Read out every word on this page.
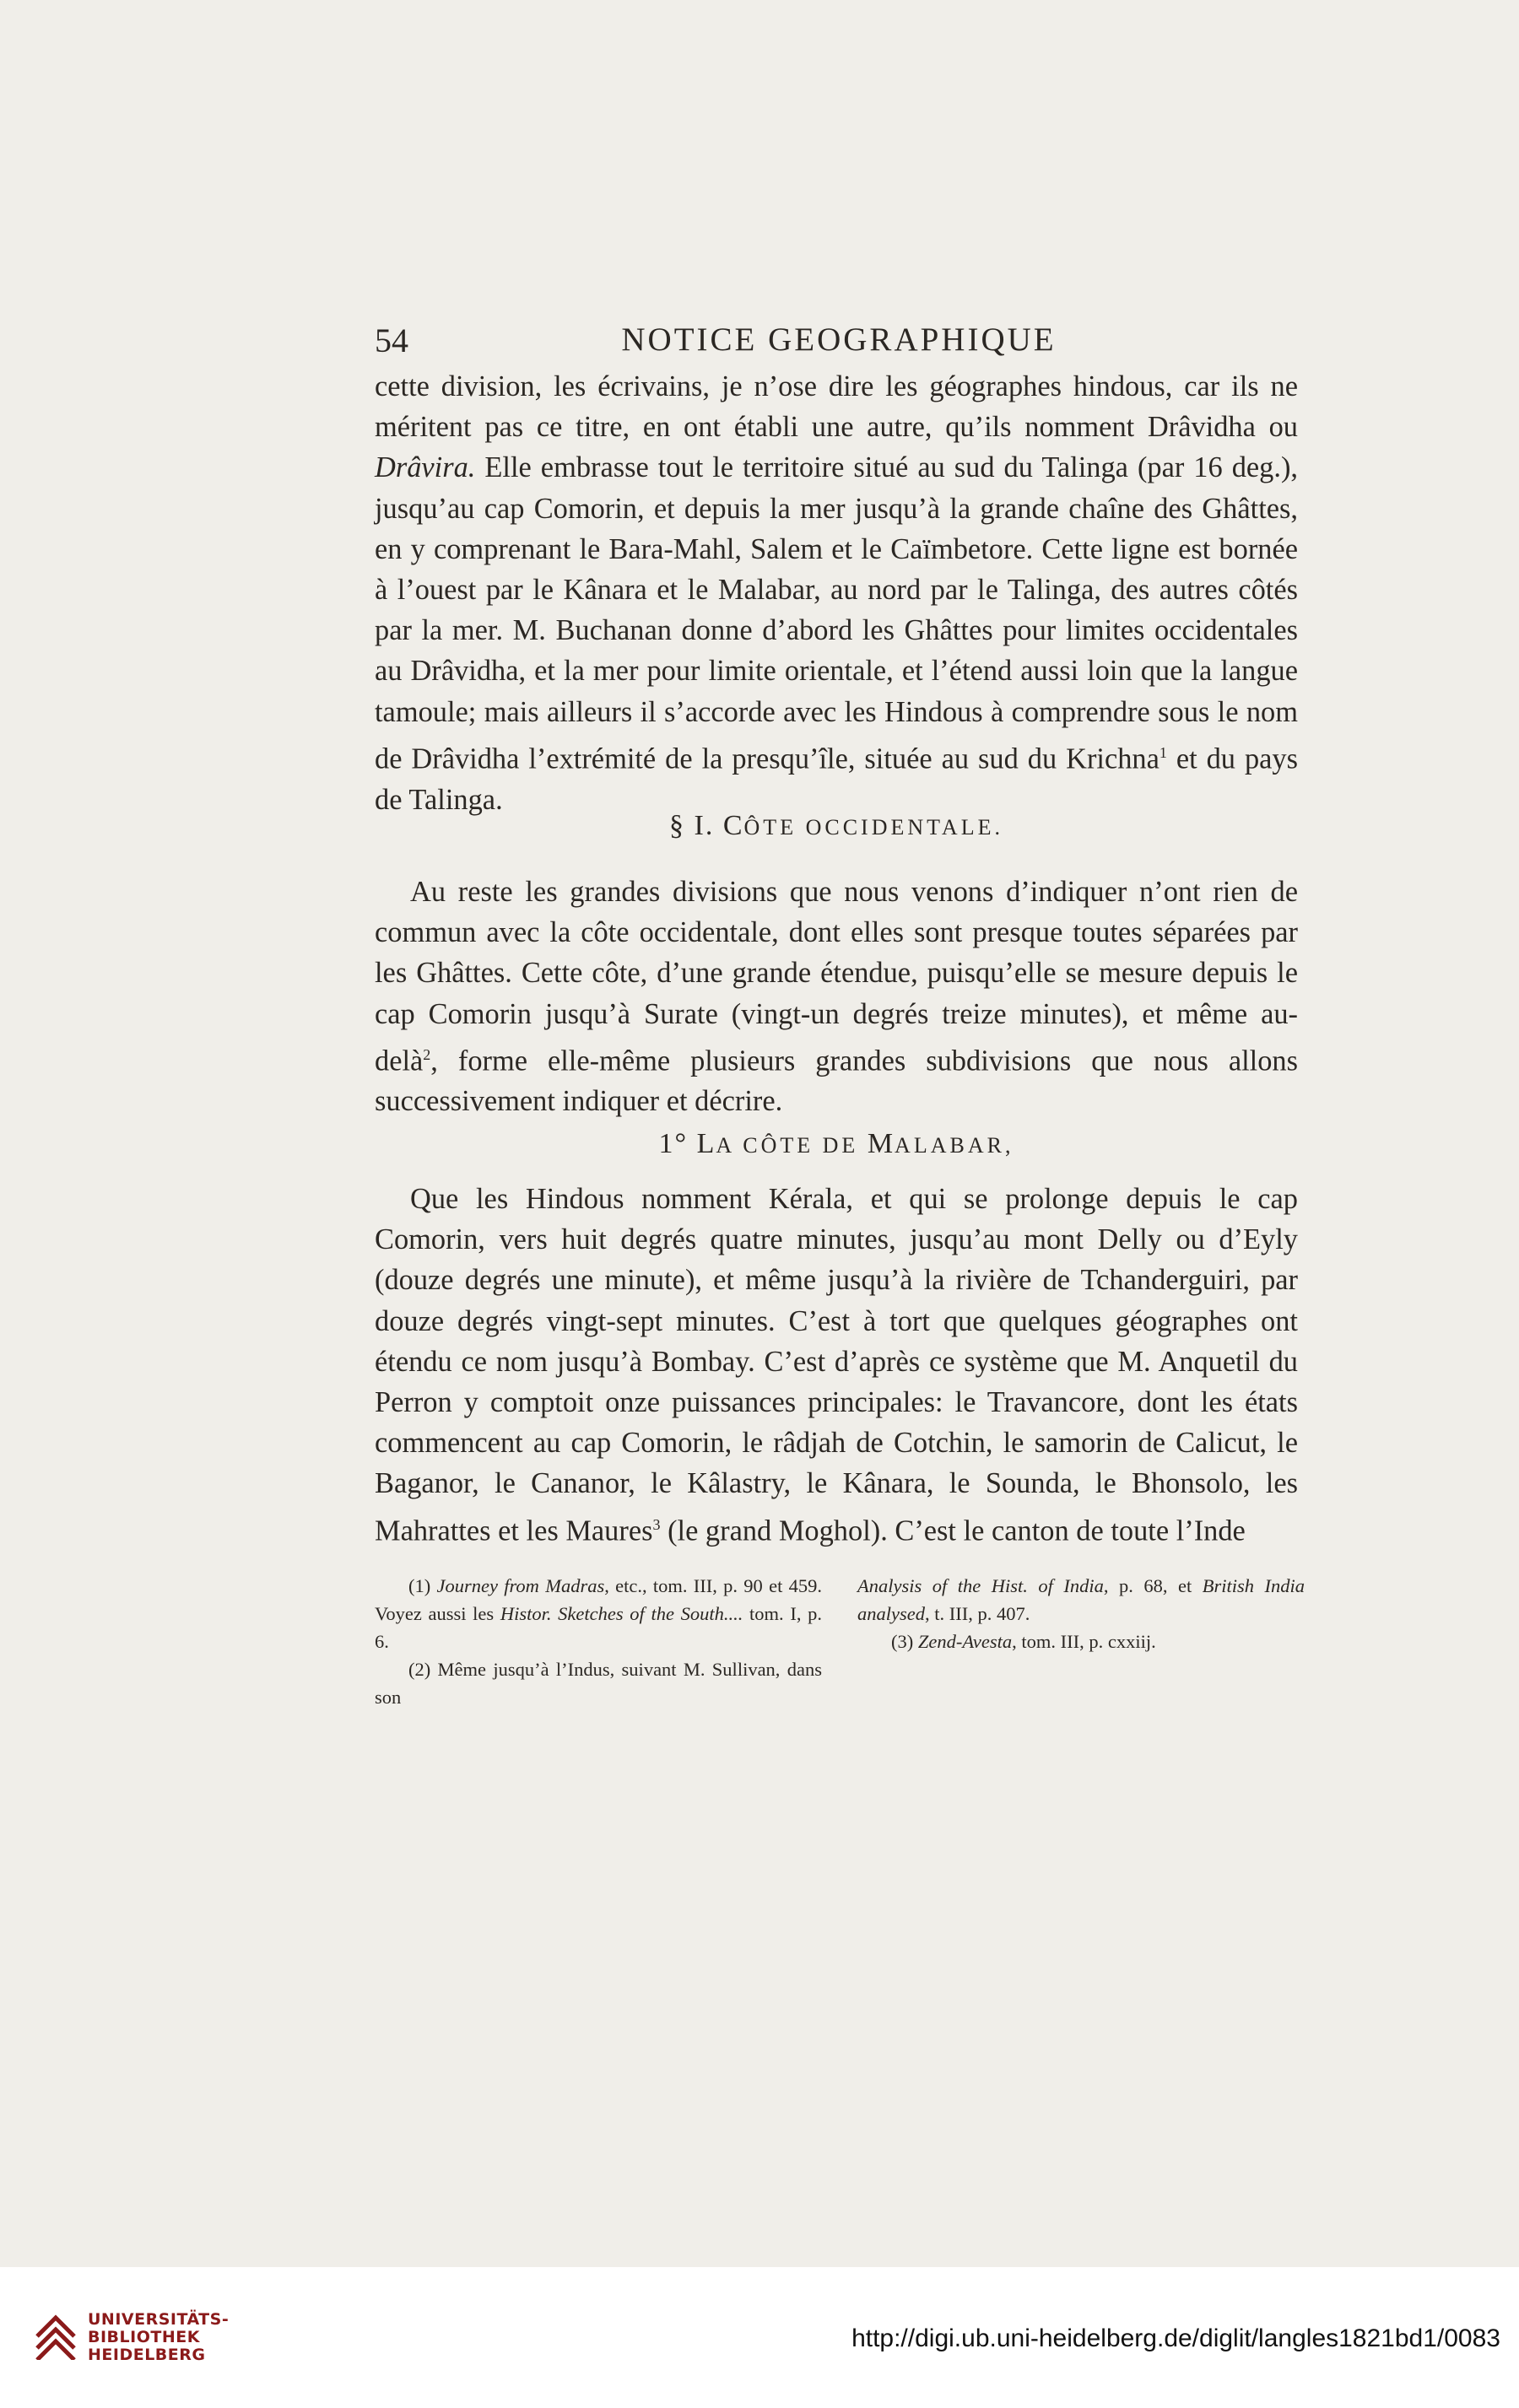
54	NOTICE GEOGRAPHIQUE

cette division, les écrivains, je n’ose dire les géographes hindous, car ils ne méritent pas ce titre, en ont établi une autre, qu’ils nomment Drâvidha ou Drâvira. Elle embrasse tout le territoire situé au sud du Talinga (par 16 deg.), jusqu’au cap Comorin, et depuis la mer jusqu’à la grande chaîne des Ghâttes, en y comprenant le Bara-Mahl, Salem et le Caïmbetore. Cette ligne est bornée à l’ouest par le Kânara et le Malabar, au nord par le Talinga, des autres côtés par la mer. M. Buchanan donne d’abord les Ghâttes pour limites occidentales au Drâvidha, et la mer pour limite orientale, et l’étend aussi loin que la langue tamoule; mais ailleurs il s’accorde avec les Hindous à comprendre sous le nom de Drâvidha l’extrémité de la presqu’île, située au sud du Krichna$^1$ et du pays de Talinga.

§ I. CÔTE OCCIDENTALE.

Au reste les grandes divisions que nous venons d’indiquer n’ont rien de commun avec la côte occidentale, dont elles sont presque toutes séparées par les Ghâttes. Cette côte, d’une grande étendue, puisqu’elle se mesure depuis le cap Comorin jusqu’à Surate (vingt-un degrés treize minutes), et même au-delà$^2$, forme elle-même plusieurs grandes subdivisions que nous allons successivement indiquer et décrire.

1° LA CÔTE DE MALABAR,

Que les Hindous nomment Kérala, et qui se prolonge depuis le cap Comorin, vers huit degrés quatre minutes, jusqu’au mont Delly ou d’Eyly (douze degrés une minute), et même jusqu’à la rivière de Tchanderguiri, par douze degrés vingt-sept minutes. C’est à tort que quelques géographes ont étendu ce nom jusqu’à Bombay. C’est d’après ce système que M. Anquetil du Perron y comptoit onze puissances principales: le Travancore, dont les états commencent au cap Comorin, le râdjah de Cotchin, le samorin de Calicut, le Baganor, le Cananor, le Kâlastry, le Kânara, le Sounda, le Bhonsolo, les Mahrattes et les Maures$^3$ (le grand Moghol). C’est le canton de toute l’Inde

(1) Journey from Madras, etc., tom. III, p. 90 et 459. Voyez aussi les Histor. Sketches of the South.... tom. I, p. 6.

(2) Même jusqu’à l’Indus, suivant M. Sullivan, dans son

Analysis of the Hist. of India, p. 68, et British India analysed, t. III, p. 407.

(3) Zend-Avesta, tom. III, p. cxxiij.

UNIVERSITÄTS-
BIBLIOTHEK
HEIDELBERG
http://digi.ub.uni-heidelberg.de/diglit/langles1821bd1/0083
